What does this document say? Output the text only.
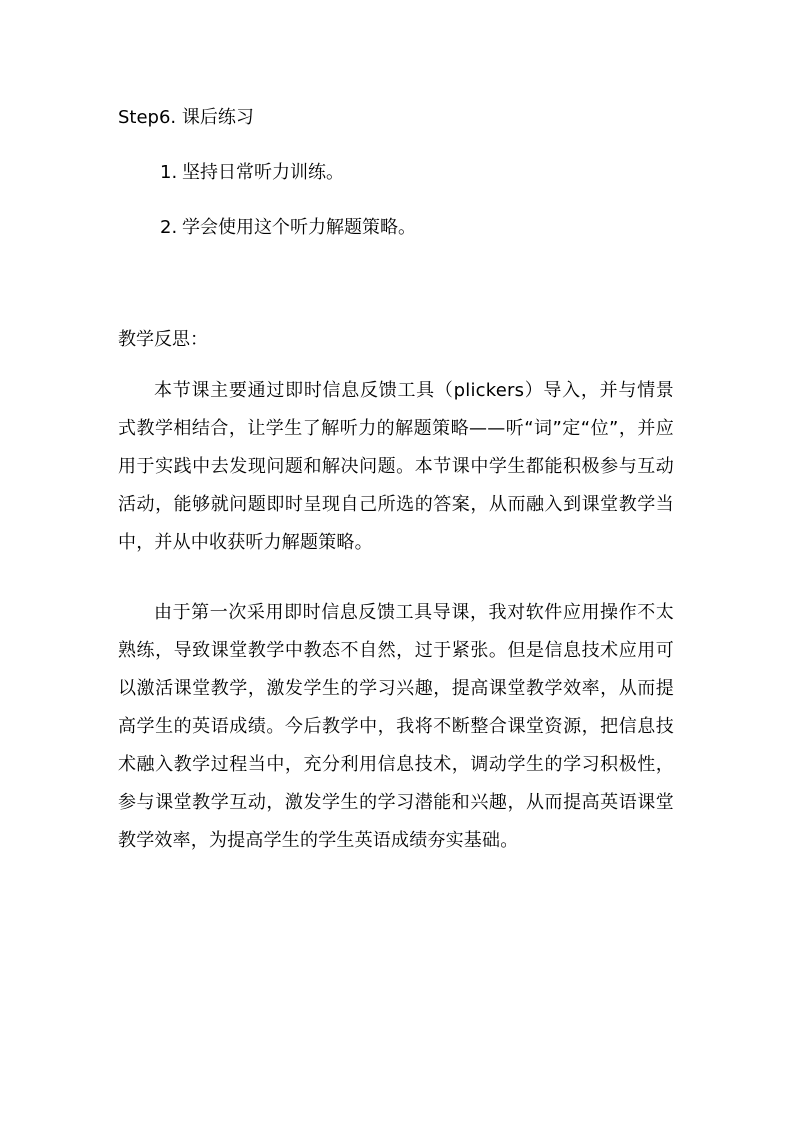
Step6. 课后练习
1. 坚持日常听力训练。
2. 学会使用这个听力解题策略。
教学反思：

本节课主要通过即时信息反馈工具（plickers）导入，并与情景式教学相结合，让学生了解听力的解题策略——听“词”定“位”，并应用于实践中去发现问题和解决问题。本节课中学生都能积极参与互动活动，能够就问题即时呈现自己所选的答案，从而融入到课堂教学当中，并从中收获听力解题策略。

由于第一次采用即时信息反馈工具导课，我对软件应用操作不太熟练，导致课堂教学中教态不自然，过于紧张。但是信息技术应用可以激活课堂教学，激发学生的学习兴趣，提高课堂教学效率，从而提高学生的英语成绩。今后教学中，我将不断整合课堂资源，把信息技术融入教学过程当中，充分利用信息技术，调动学生的学习积极性，参与课堂教学互动，激发学生的学习潜能和兴趣，从而提高英语课堂教学效率，为提高学生的学生英语成绩夯实基础。
